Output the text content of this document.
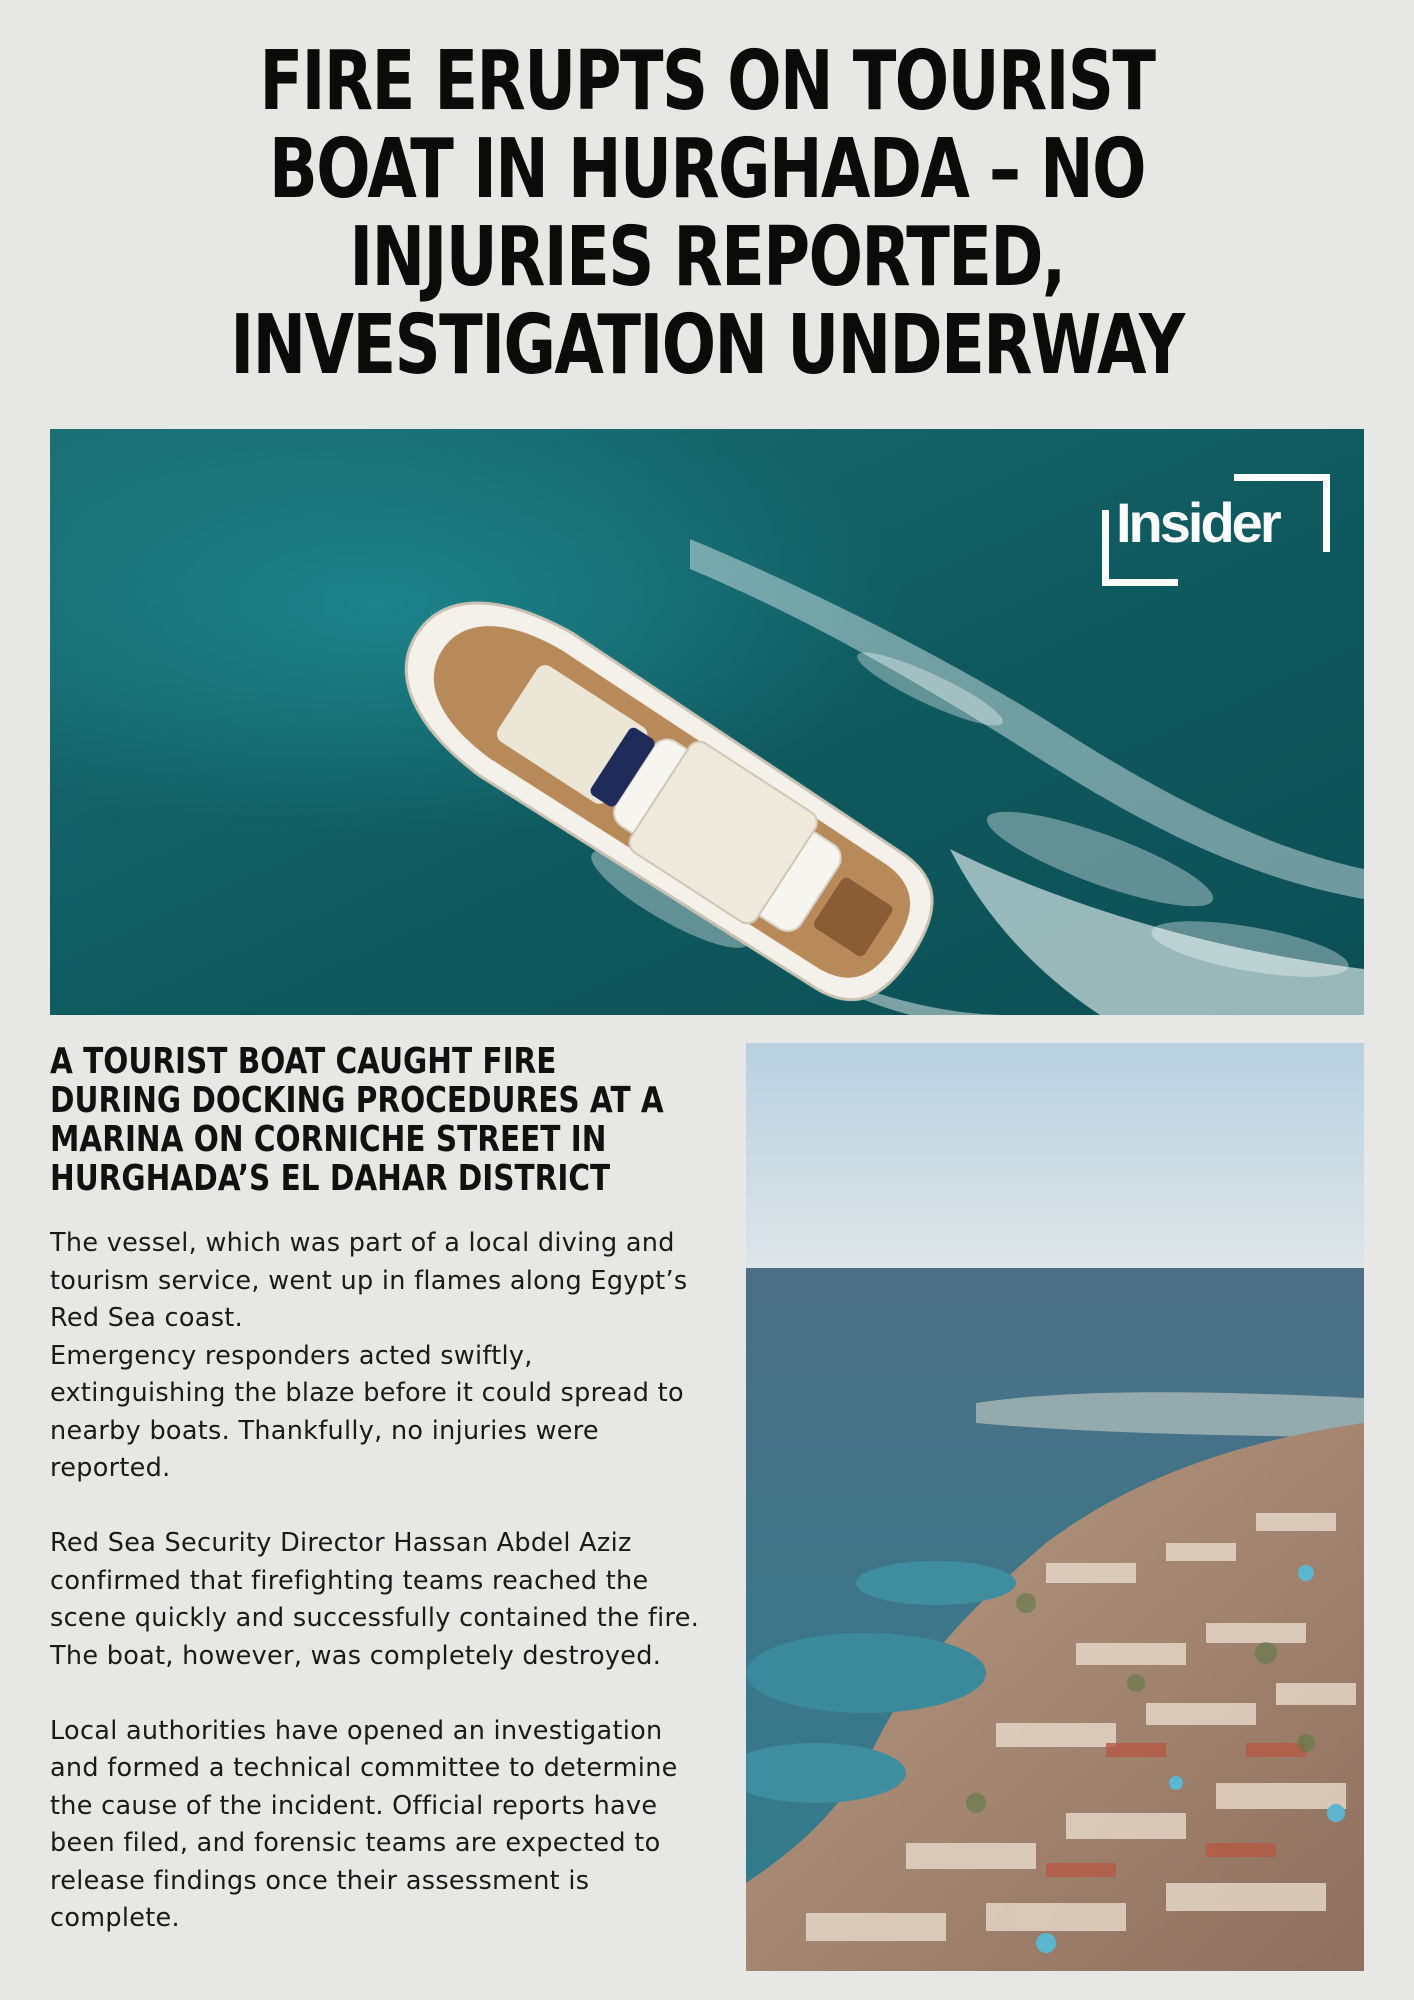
FIRE ERUPTS ON TOURIST BOAT IN HURGHADA – NO INJURIES REPORTED, INVESTIGATION UNDERWAY
Insider
A TOURIST BOAT CAUGHT FIRE DURING DOCKING PROCEDURES AT A MARINA ON CORNICHE STREET IN HURGHADA’S EL DAHAR DISTRICT

The vessel, which was part of a local diving and tourism service, went up in flames along Egypt’s Red Sea coast.

Emergency responders acted swiftly, extinguishing the blaze before it could spread to nearby boats. Thankfully, no injuries were reported.

Red Sea Security Director Hassan Abdel Aziz confirmed that firefighting teams reached the scene quickly and successfully contained the fire. The boat, however, was completely destroyed.

Local authorities have opened an investigation and formed a technical committee to determine the cause of the incident. Official reports have been filed, and forensic teams are expected to release findings once their assessment is complete.
